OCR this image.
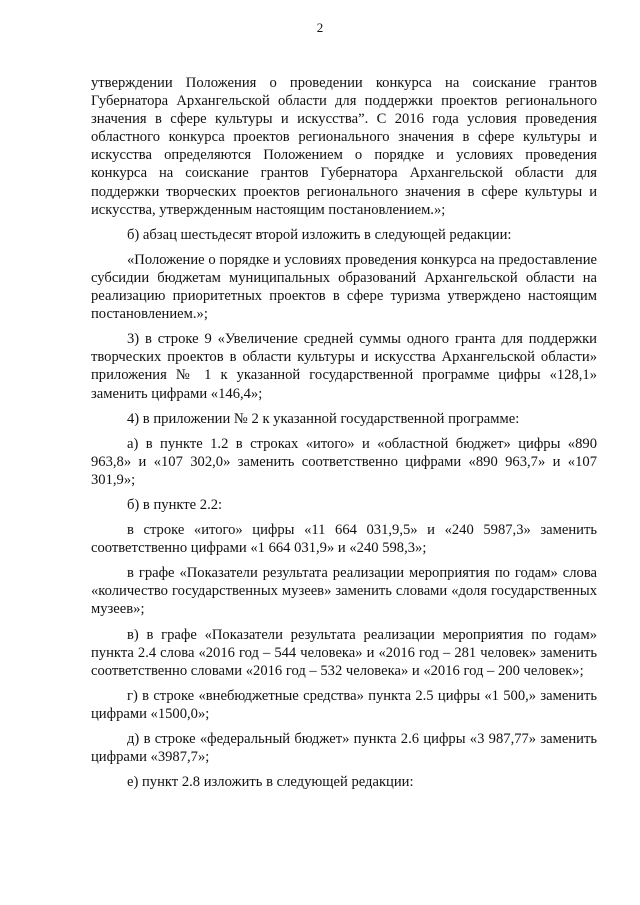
2

утверждении Положения о проведении конкурса на соискание грантов Губернатора Архангельской области для поддержки проектов регионального значения в сфере культуры и искусства”. С 2016 года условия проведения областного конкурса проектов регионального значения в сфере культуры и искусства определяются Положением о порядке и условиях проведения конкурса на соискание грантов Губернатора Архангельской области для поддержки творческих проектов регионального значения в сфере культуры и искусства, утвержденным настоящим постановлением.»;

б) абзац шестьдесят второй изложить в следующей редакции:

«Положение о порядке и условиях проведения конкурса на предоставление субсидии бюджетам муниципальных образований Архангельской области на реализацию приоритетных проектов в сфере туризма утверждено настоящим постановлением.»;

3) в строке 9 «Увеличение средней суммы одного гранта для поддержки творческих проектов в области культуры и искусства Архангельской области» приложения № 1 к указанной государственной программе цифры «128,1» заменить цифрами «146,4»;

4) в приложении № 2 к указанной государственной программе:

а) в пункте 1.2 в строках «итого» и «областной бюджет» цифры «890 963,8» и «107 302,0» заменить соответственно цифрами «890 963,7» и «107 301,9»;

б) в пункте 2.2:

в строке «итого» цифры «11 664 031,9,5» и «240 5987,3» заменить соответственно цифрами «1 664 031,9» и «240 598,3»;

в графе «Показатели результата реализации мероприятия по годам» слова «количество государственных музеев» заменить словами «доля государственных музеев»;

в) в графе «Показатели результата реализации мероприятия по годам» пункта 2.4 слова «2016 год – 544 человека» и «2016 год – 281 человек» заменить соответственно словами «2016 год – 532 человека» и «2016 год – 200 человек»;

г) в строке «внебюджетные средства» пункта 2.5 цифры «1 500,» заменить цифрами «1500,0»;

д) в строке «федеральный бюджет» пункта 2.6 цифры «3 987,77» заменить цифрами «3987,7»;

е) пункт 2.8 изложить в следующей редакции:
